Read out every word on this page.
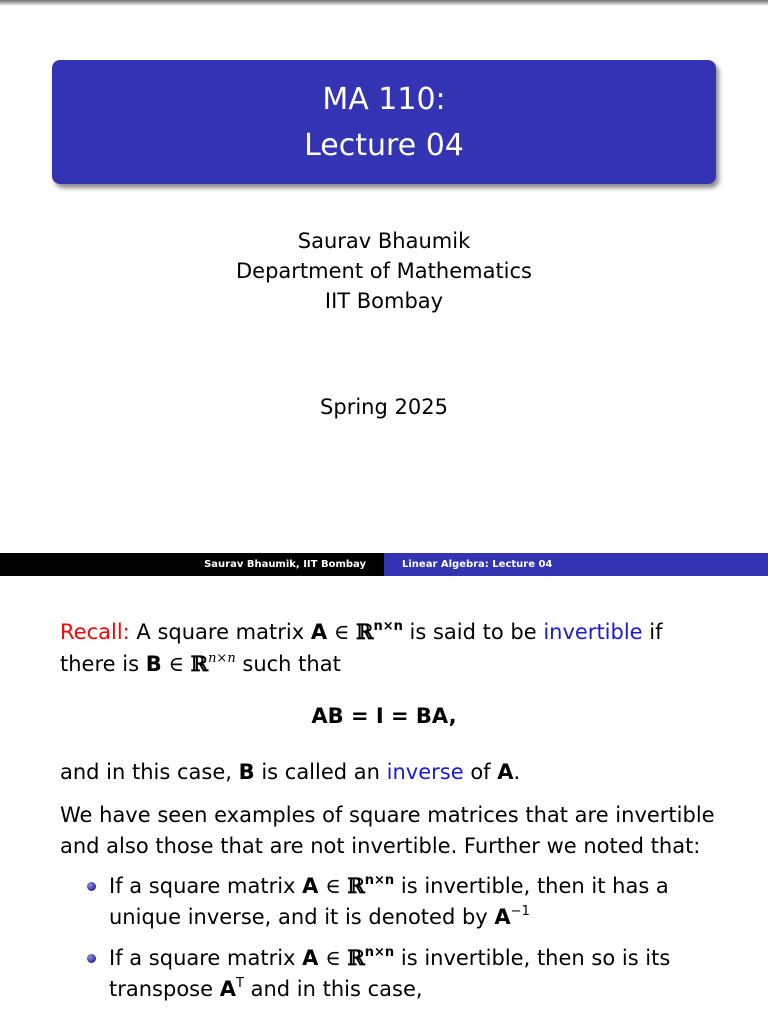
MA 110:
Lecture 04
Saurav Bhaumik
Department of Mathematics
IIT Bombay
Spring 2025
Saurav Bhaumik, IIT Bombay	Linear Algebra: Lecture 04
Recall: A square matrix A ∈ ℝ$^{n\times n}$ is said to be invertible if
there is B ∈ ℝ$^{n\times n}$ such that
AB = I = BA,
and in this case, B is called an inverse of A.
We have seen examples of square matrices that are invertible and also those that are not invertible. Further we noted that:
If a square matrix A ∈ ℝ$^{n\times n}$ is invertible, then it has a unique inverse, and it is denoted by $A^{-1}$
If a square matrix A ∈ ℝ$^{n\times n}$ is invertible, then so is its transpose $A^T$ and in this case,
